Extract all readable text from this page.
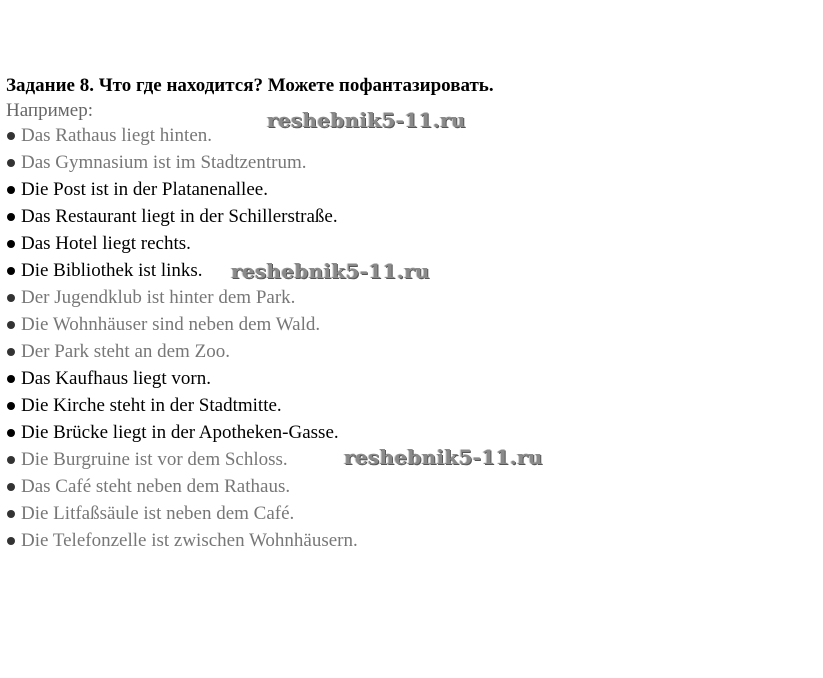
Задание 8. Что где находится? Можете пофантазировать.

Например:

Das Rathaus liegt hinten.
Das Gymnasium ist im Stadtzentrum.
Die Post ist in der Platanenallee.
Das Restaurant liegt in der Schillerstraße.
Das Hotel liegt rechts.
Die Bibliothek ist links.
Der Jugendklub ist hinter dem Park.
Die Wohnhäuser sind neben dem Wald.
Der Park steht an dem Zoo.
Das Kaufhaus liegt vorn.
Die Kirche steht in der Stadtmitte.
Die Brücke liegt in der Apotheken-Gasse.
Die Burgruine ist vor dem Schloss.
Das Café steht neben dem Rathaus.
Die Litfaßsäule ist neben dem Café.
Die Telefonzelle ist zwischen Wohnhäusern.
reshebnik5-11.ru
reshebnik5-11.ru
reshebnik5-11.ru
